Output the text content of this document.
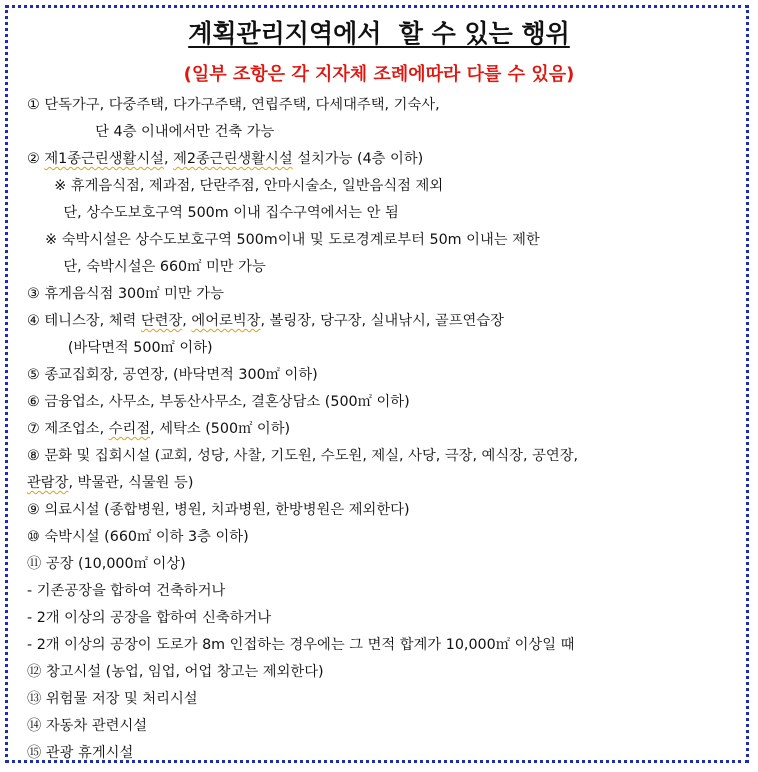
계획관리지역에서  할 수 있는 행위
(일부 조항은 각 지자체 조례에따라 다를 수 있음)
① 단독가구, 다중주택, 다가구주택, 연립주택, 다세대주택, 기숙사,
단 4층 이내에서만 건축 가능
② 제1종근린생활시설, 제2종근린생활시설 설치가능 (4층 이하)
※ 휴게음식점, 제과점, 단란주점, 안마시술소, 일반음식점 제외
단, 상수도보호구역 500m 이내 집수구역에서는 안 됨
※ 숙박시설은 상수도보호구역 500m이내 및 도로경계로부터 50m 이내는 제한
단, 숙박시설은 660㎡ 미만 가능
③ 휴게음식점 300㎡ 미만 가능
④ 테니스장, 체력 단련장, 에어로빅장, 볼링장, 당구장, 실내낚시, 골프연습장
(바닥면적 500㎡ 이하)
⑤ 종교집회장, 공연장, (바닥면적 300㎡ 이하)
⑥ 금융업소, 사무소, 부동산사무소, 결혼상담소 (500㎡ 이하)
⑦ 제조업소, 수리점, 세탁소 (500㎡ 이하)
⑧ 문화 및 집회시설 (교회, 성당, 사찰, 기도원, 수도원, 제실, 사당, 극장, 예식장, 공연장,
관람장, 박물관, 식물원 등)
⑨ 의료시설 (종합병원, 병원, 치과병원, 한방병원은 제외한다)
⑩ 숙박시설 (660㎡ 이하 3층 이하)
⑪ 공장 (10,000㎡ 이상)
- 기존공장을 합하여 건축하거나
- 2개 이상의 공장을 합하여 신축하거나
- 2개 이상의 공장이 도로가 8m 인접하는 경우에는 그 면적 합계가 10,000㎡ 이상일 때
⑫ 창고시설 (농업, 임업, 어업 창고는 제외한다)
⑬ 위험물 저장 및 처리시설
⑭ 자동차 관련시설
⑮ 관광 휴게시설
